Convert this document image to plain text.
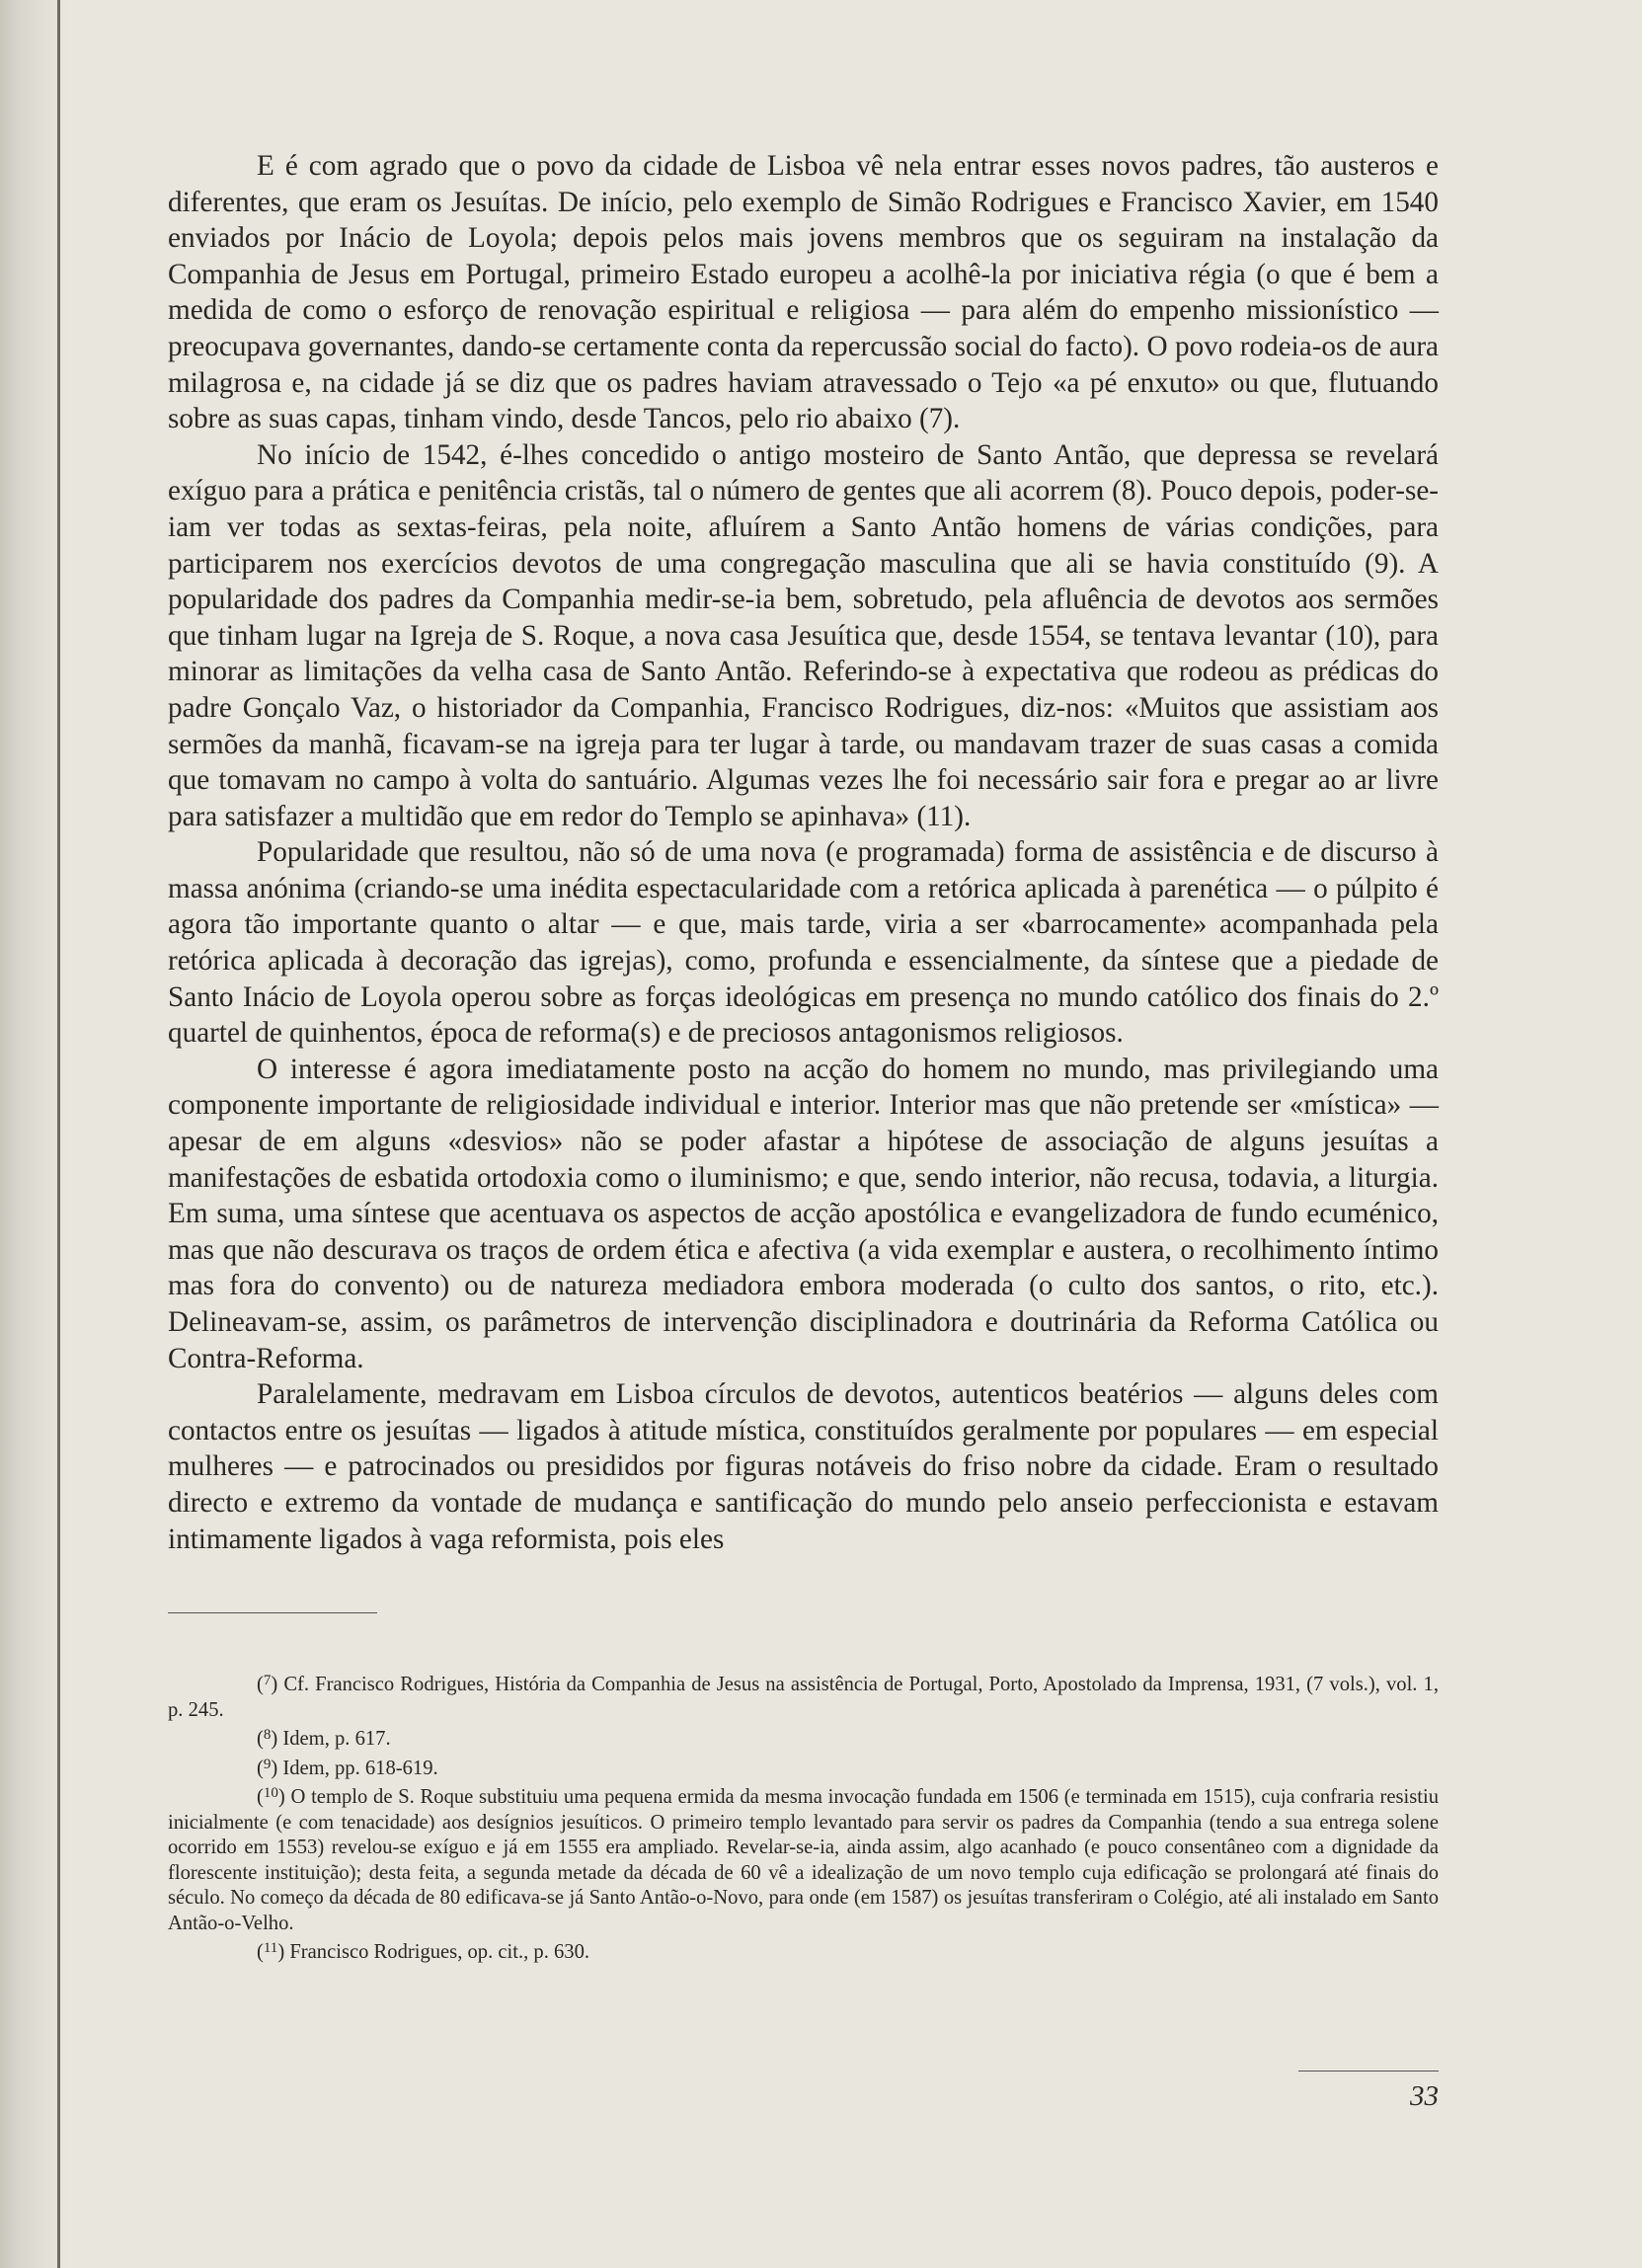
E é com agrado que o povo da cidade de Lisboa vê nela entrar esses novos padres, tão austeros e diferentes, que eram os Jesuítas. De início, pelo exemplo de Simão Rodrigues e Francisco Xavier, em 1540 enviados por Inácio de Loyola; depois pelos mais jovens membros que os seguiram na instalação da Companhia de Jesus em Portugal, primeiro Estado europeu a acolhê-la por iniciativa régia (o que é bem a medida de como o esforço de renovação espiritual e religiosa — para além do empenho missionístico — preocupava governantes, dando-se certamente conta da repercussão social do facto). O povo rodeia-os de aura milagrosa e, na cidade já se diz que os padres haviam atravessado o Tejo «a pé enxuto» ou que, flutuando sobre as suas capas, tinham vindo, desde Tancos, pelo rio abaixo (7).

No início de 1542, é-lhes concedido o antigo mosteiro de Santo Antão, que depressa se revelará exíguo para a prática e penitência cristãs, tal o número de gentes que ali acorrem (8). Pouco depois, poder-se-iam ver todas as sextas-feiras, pela noite, afluírem a Santo Antão homens de várias condições, para participarem nos exercícios devotos de uma congregação masculina que ali se havia constituído (9). A popularidade dos padres da Companhia medir-se-ia bem, sobretudo, pela afluência de devotos aos sermões que tinham lugar na Igreja de S. Roque, a nova casa Jesuítica que, desde 1554, se tentava levantar (10), para minorar as limitações da velha casa de Santo Antão. Referindo-se à expectativa que rodeou as prédicas do padre Gonçalo Vaz, o historiador da Companhia, Francisco Rodrigues, diz-nos: «Muitos que assistiam aos sermões da manhã, ficavam-se na igreja para ter lugar à tarde, ou mandavam trazer de suas casas a comida que tomavam no campo à volta do santuário. Algumas vezes lhe foi necessário sair fora e pregar ao ar livre para satisfazer a multidão que em redor do Templo se apinhava» (11).

Popularidade que resultou, não só de uma nova (e programada) forma de assistência e de discurso à massa anónima (criando-se uma inédita espectacularidade com a retórica aplicada à parenética — o púlpito é agora tão importante quanto o altar — e que, mais tarde, viria a ser «barrocamente» acompanhada pela retórica aplicada à decoração das igrejas), como, profunda e essencialmente, da síntese que a piedade de Santo Inácio de Loyola operou sobre as forças ideológicas em presença no mundo católico dos finais do 2.º quartel de quinhentos, época de reforma(s) e de preciosos antagonismos religiosos.

O interesse é agora imediatamente posto na acção do homem no mundo, mas privilegiando uma componente importante de religiosidade individual e interior. Interior mas que não pretende ser «mística» — apesar de em alguns «desvios» não se poder afastar a hipótese de associação de alguns jesuítas a manifestações de esbatida ortodoxia como o iluminismo; e que, sendo interior, não recusa, todavia, a liturgia. Em suma, uma síntese que acentuava os aspectos de acção apostólica e evangelizadora de fundo ecuménico, mas que não descurava os traços de ordem ética e afectiva (a vida exemplar e austera, o recolhimento íntimo mas fora do convento) ou de natureza mediadora embora moderada (o culto dos santos, o rito, etc.). Delineavam-se, assim, os parâmetros de intervenção disciplinadora e doutrinária da Reforma Católica ou Contra-Reforma.

Paralelamente, medravam em Lisboa círculos de devotos, autenticos beatérios — alguns deles com contactos entre os jesuítas — ligados à atitude mística, constituídos geralmente por populares — em especial mulheres — e patrocinados ou presididos por figuras notáveis do friso nobre da cidade. Eram o resultado directo e extremo da vontade de mudança e santificação do mundo pelo anseio perfeccionista e estavam intimamente ligados à vaga reformista, pois eles

($^7$) Cf. Francisco Rodrigues, História da Companhia de Jesus na assistência de Portugal, Porto, Apostolado da Imprensa, 1931, (7 vols.), vol. 1, p. 245.

($^8$) Idem, p. 617.

($^9$) Idem, pp. 618-619.

($^{10}$) O templo de S. Roque substituiu uma pequena ermida da mesma invocação fundada em 1506 (e terminada em 1515), cuja confraria resistiu inicialmente (e com tenacidade) aos desígnios jesuíticos. O primeiro templo levantado para servir os padres da Companhia (tendo a sua entrega solene ocorrido em 1553) revelou-se exíguo e já em 1555 era ampliado. Revelar-se-ia, ainda assim, algo acanhado (e pouco consentâneo com a dignidade da florescente instituição); desta feita, a segunda metade da década de 60 vê a idealização de um novo templo cuja edificação se prolongará até finais do século. No começo da década de 80 edificava-se já Santo Antão-o-Novo, para onde (em 1587) os jesuítas transferiram o Colégio, até ali instalado em Santo Antão-o-Velho.

($^{11}$) Francisco Rodrigues, op. cit., p. 630.

33
